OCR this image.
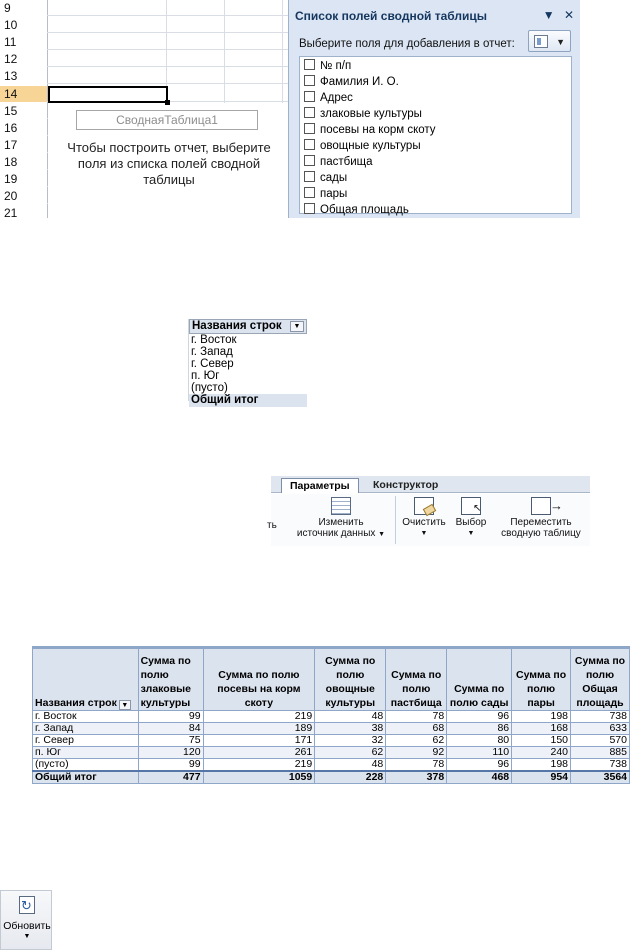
9
10
11
12
13
14
15
16
17
18
19
20
21
СводнаяТаблица1
Чтобы построить отчет, выберите поля из списка полей сводной таблицы
Список полей сводной таблицы	▼ ✕
Выберите поля для добавления в отчет:	▼
№ п/п
Фамилия И. О.
Адрес
злаковые культуры
посевы на корм скоту
овощные культуры
пастбища
сады
пары
Общая площадь
Названия строк	▼
г. Восток
г. Запад
г. Север
п. Юг
(пусто)
Общий итог
Параметры	Конструктор
ть	Изменить
источник данных ▼
Очистить
▼
↖
Выбор
▼
→
Переместить
сводную таблицу
Названия строк ▼	Сумма по полю злаковые культуры	Сумма по полю посевы на корм скоту	Сумма по полю овощные культуры	Сумма по полю пастбища	Сумма по полю сады	Сумма по полю пары	Сумма по полю Общая площадь
г. Восток	99	219	48	78	96	198	738
г. Запад	84	189	38	68	86	168	633
г. Север	75	171	32	62	80	150	570
п. Юг	120	261	62	92	110	240	885
(пусто)	99	219	48	78	96	198	738
Общий итог	477	1059	228	378	468	954	3564
↻
Обновить
▼
